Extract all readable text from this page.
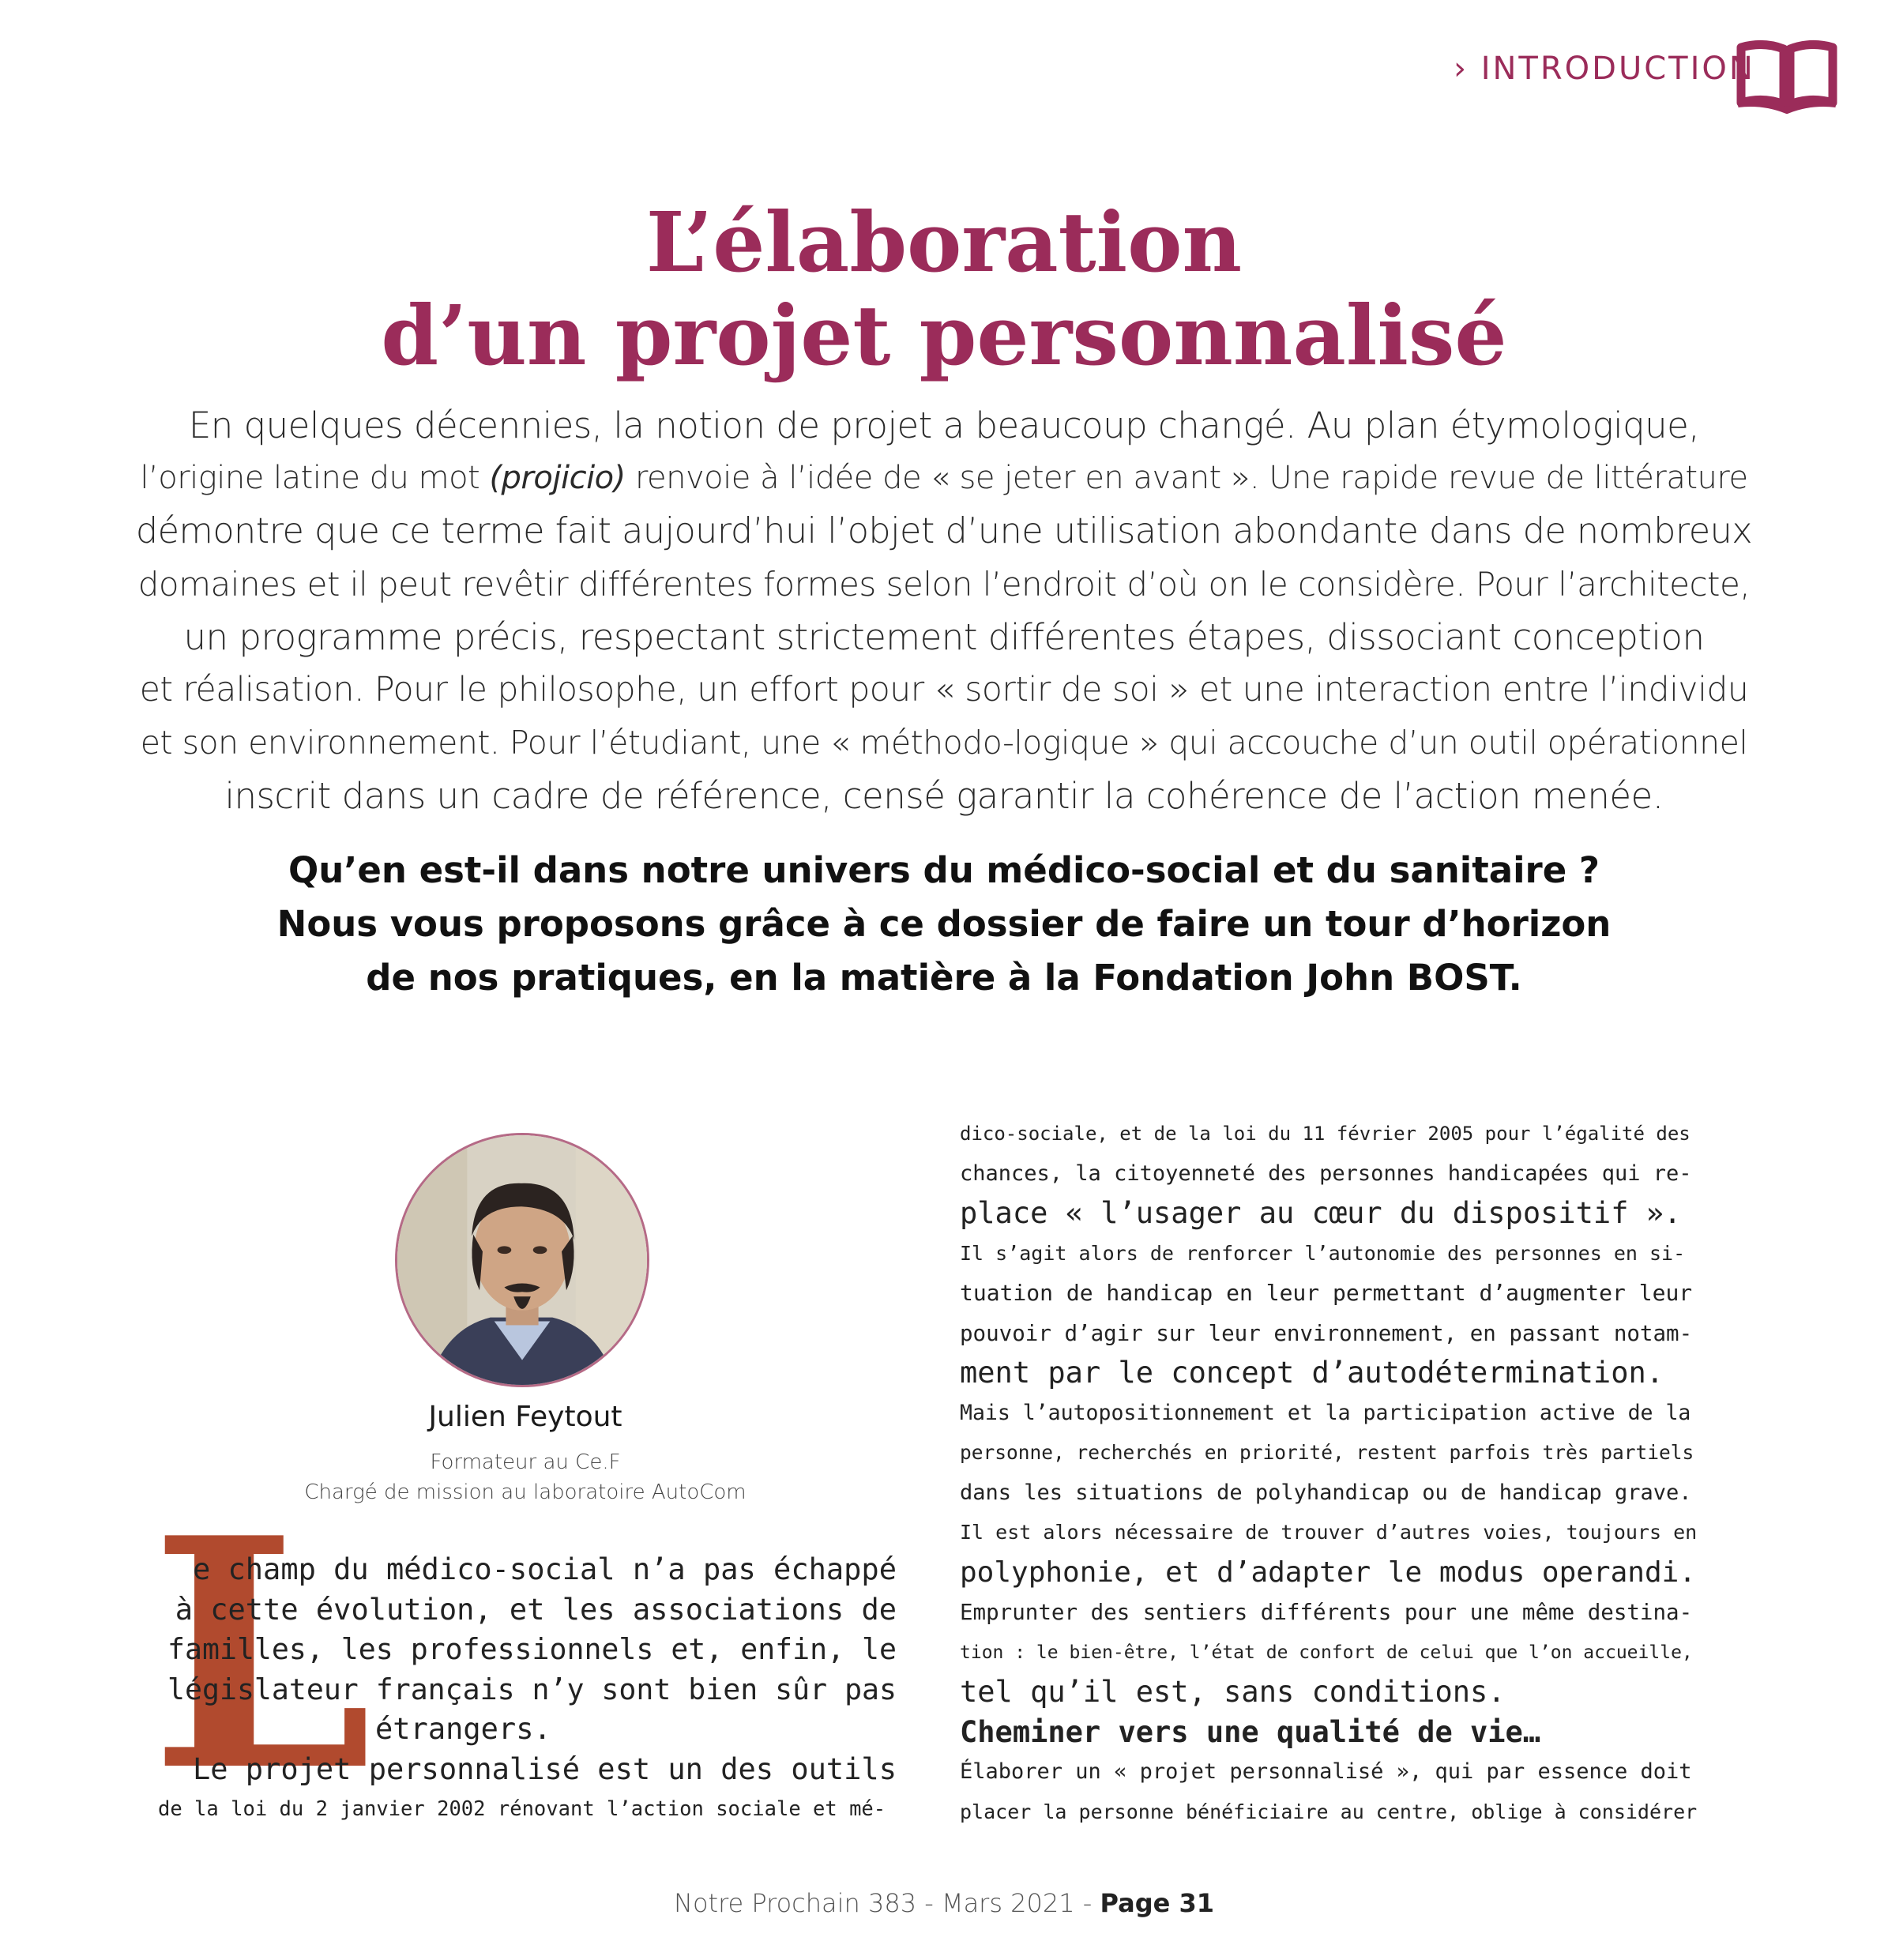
› INTRODUCTION
L’élaboration
d’un projet personnalisé

En quelques décennies, la notion de projet a beaucoup changé. Au plan étymologique,
l’origine latine du mot (projicio) renvoie à l’idée de « se jeter en avant ». Une rapide revue de littérature
démontre que ce terme fait aujourd’hui l’objet d’une utilisation abondante dans de nombreux
domaines et il peut revêtir différentes formes selon l’endroit d’où on le considère. Pour l’architecte,
un programme précis, respectant strictement différentes étapes, dissociant conception
et réalisation. Pour le philosophe, un effort pour « sortir de soi » et une interaction entre l’individu
et son environnement. Pour l’étudiant, une « méthodo-logique » qui accouche d’un outil opérationnel
inscrit dans un cadre de référence, censé garantir la cohérence de l’action menée.

Qu’en est-il dans notre univers du médico-social et du sanitaire ?
Nous vous proposons grâce à ce dossier de faire un tour d’horizon
de nos pratiques, en la matière à la Fondation John BOST.

Julien Feytout
Formateur au Ce.F
Chargé de mission au laboratoire AutoCom
L
e champ du médico-social n’a pas échappé
à cette évolution, et les associations de
familles, les professionnels et, enfin, le
législateur français n’y sont bien sûr pas
étrangers.
Le projet personnalisé est un des outils
de la loi du 2 janvier 2002 rénovant l’action sociale et mé-
dico-sociale, et de la loi du 11 février 2005 pour l’égalité des
chances, la citoyenneté des personnes handicapées qui re-
place « l’usager au cœur du dispositif ».
Il s’agit alors de renforcer l’autonomie des personnes en si-
tuation de handicap en leur permettant d’augmenter leur
pouvoir d’agir sur leur environnement, en passant notam-
ment par le concept d’autodétermination.
Mais l’autopositionnement et la participation active de la
personne, recherchés en priorité, restent parfois très partiels
dans les situations de polyhandicap ou de handicap grave.
Il est alors nécessaire de trouver d’autres voies, toujours en
polyphonie, et d’adapter le modus operandi.
Emprunter des sentiers différents pour une même destina-
tion : le bien-être, l’état de confort de celui que l’on accueille,
tel qu’il est, sans conditions.
Cheminer vers une qualité de vie…
Élaborer un « projet personnalisé », qui par essence doit
placer la personne bénéficiaire au centre, oblige à considérer
Notre Prochain 383 - Mars 2021 - Page 31
